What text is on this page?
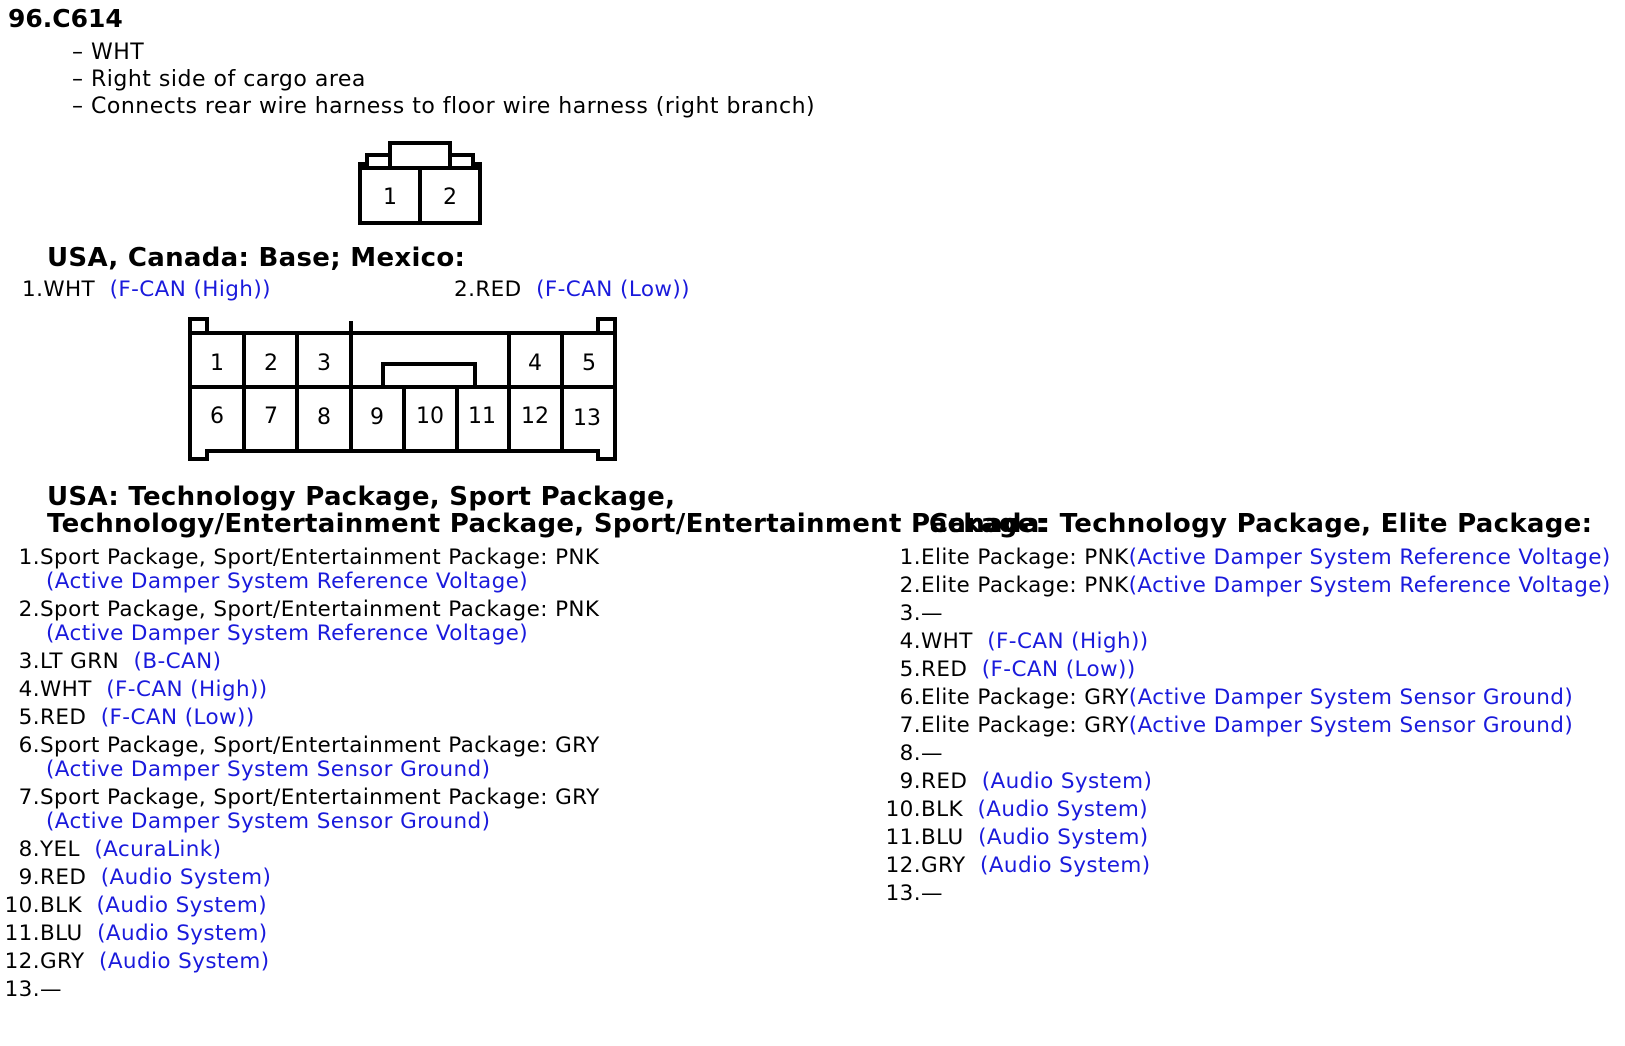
96.C614
– WHT
– Right side of cargo area
– Connects rear wire harness to floor wire harness (right branch)
1 2
USA, Canada: Base; Mexico:
1.WHT (F-CAN (High))	2.RED (F-CAN (Low))
1 2 3	4 5
6 7 8 9 10 11 12 13
USA: Technology Package, Sport Package,
Technology/Entertainment Package, Sport/Entertainment Package:
Canada: Technology Package, Elite Package:
1.Sport Package, Sport/Entertainment Package: PNK
(Active Damper System Reference Voltage)
2.Sport Package, Sport/Entertainment Package: PNK
(Active Damper System Reference Voltage)
3.LT GRN (B-CAN)
4.WHT (F-CAN (High))
5.RED (F-CAN (Low))
6.Sport Package, Sport/Entertainment Package: GRY
(Active Damper System Sensor Ground)
7.Sport Package, Sport/Entertainment Package: GRY
(Active Damper System Sensor Ground)
8.YEL (AcuraLink)
9.RED (Audio System)
10.BLK (Audio System)
11.BLU (Audio System)
12.GRY (Audio System)
13.—
1.Elite Package: PNK(Active Damper System Reference Voltage)
2.Elite Package: PNK(Active Damper System Reference Voltage)
3.—
4.WHT (F-CAN (High))
5.RED (F-CAN (Low))
6.Elite Package: GRY(Active Damper System Sensor Ground)
7.Elite Package: GRY(Active Damper System Sensor Ground)
8.—
9.RED (Audio System)
10.BLK (Audio System)
11.BLU (Audio System)
12.GRY (Audio System)
13.—
